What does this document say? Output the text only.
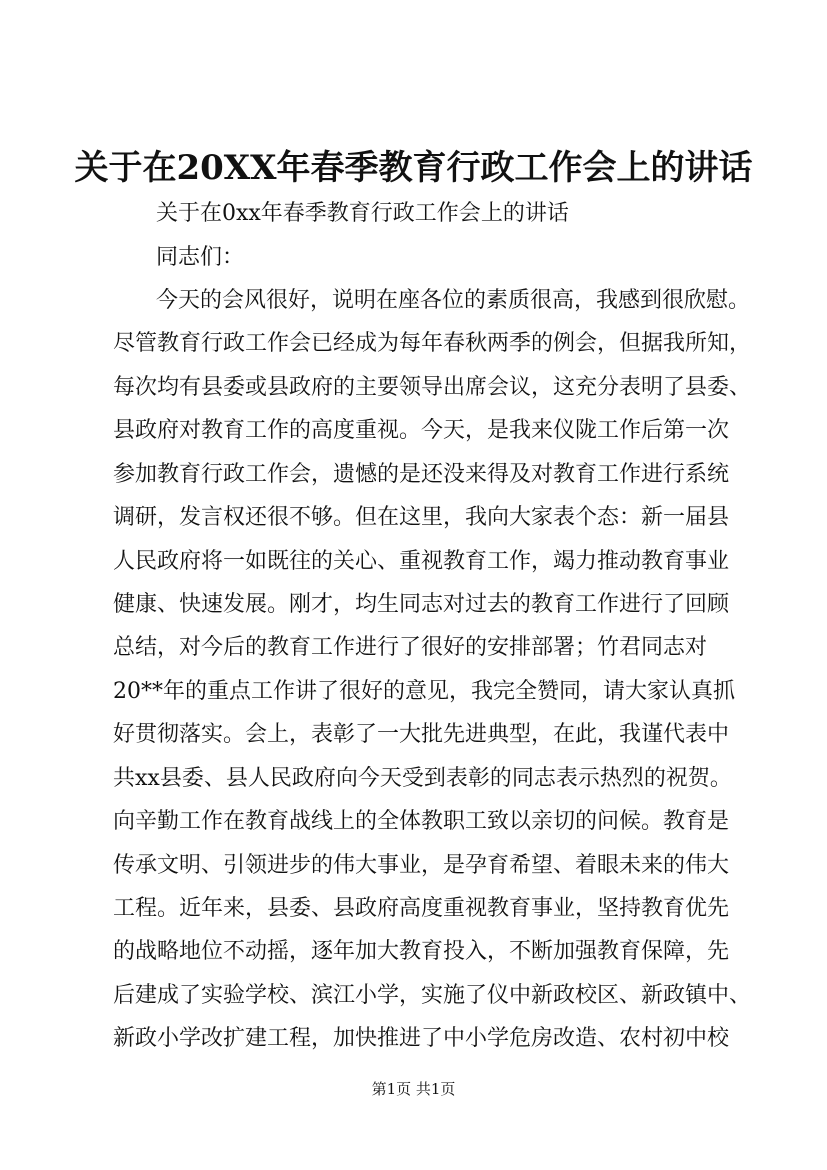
关于在20XX年春季教育行政工作会上的讲话
关于在0xx年春季教育行政工作会上的讲话
同志们：
今天的会风很好，说明在座各位的素质很高，我感到很欣慰。
尽管教育行政工作会已经成为每年春秋两季的例会，但据我所知，
每次均有县委或县政府的主要领导出席会议，这充分表明了县委、
县政府对教育工作的高度重视。今天，是我来仪陇工作后第一次
参加教育行政工作会，遗憾的是还没来得及对教育工作进行系统
调研，发言权还很不够。但在这里，我向大家表个态：新一届县
人民政府将一如既往的关心、重视教育工作，竭力推动教育事业
健康、快速发展。刚才，均生同志对过去的教育工作进行了回顾
总结，对今后的教育工作进行了很好的安排部署；竹君同志对
20**年的重点工作讲了很好的意见，我完全赞同，请大家认真抓
好贯彻落实。会上，表彰了一大批先进典型，在此，我谨代表中
共xx县委、县人民政府向今天受到表彰的同志表示热烈的祝贺。
向辛勤工作在教育战线上的全体教职工致以亲切的问候。教育是
传承文明、引领进步的伟大事业，是孕育希望、着眼未来的伟大
工程。近年来，县委、县政府高度重视教育事业，坚持教育优先
的战略地位不动摇，逐年加大教育投入，不断加强教育保障，先
后建成了实验学校、滨江小学，实施了仪中新政校区、新政镇中、
新政小学改扩建工程，加快推进了中小学危房改造、农村初中校
第1页 共1页
